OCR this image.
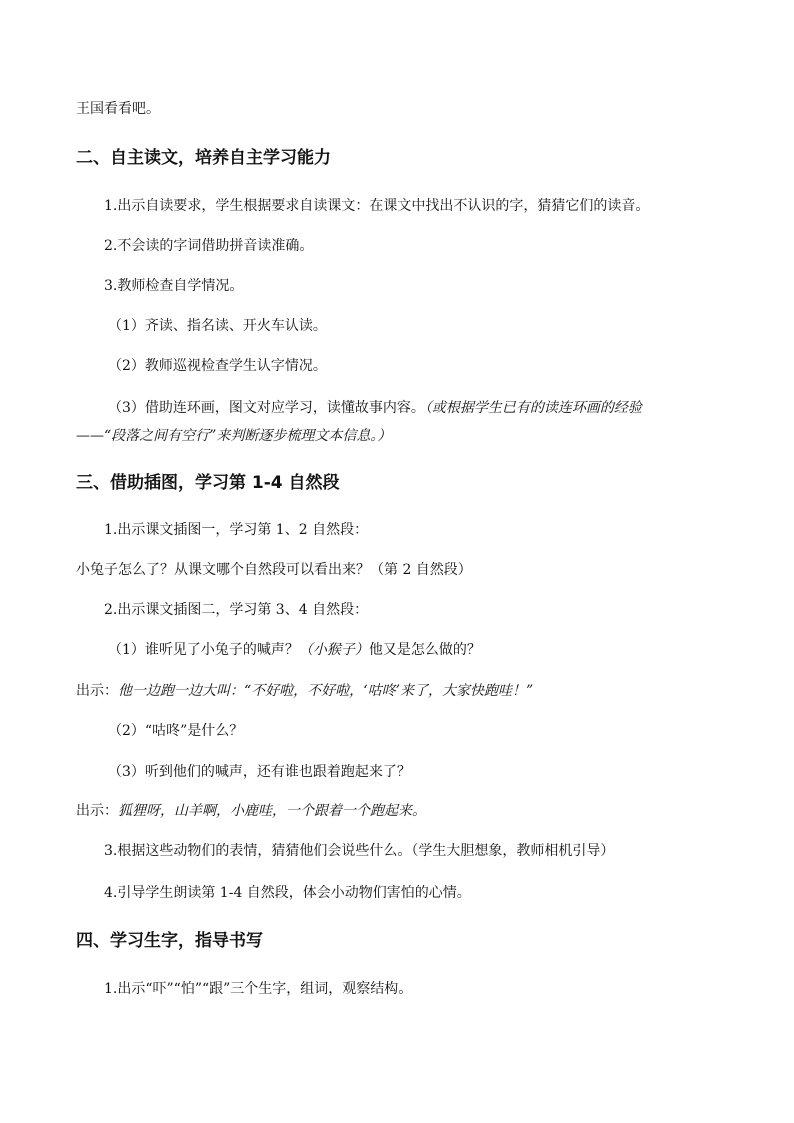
王国看看吧。
二、自主读文，培养自主学习能力
1.出示自读要求，学生根据要求自读课文：在课文中找出不认识的字，猜猜它们的读音。
2.不会读的字词借助拼音读准确。
3.教师检查自学情况。
（1）齐读、指名读、开火车认读。
（2）教师巡视检查学生认字情况。
（3）借助连环画，图文对应学习，读懂故事内容。（或根据学生已有的读连环画的经验
——“段落之间有空行”来判断逐步梳理文本信息。）
三、借助插图，学习第 1-4 自然段
1.出示课文插图一，学习第 1、2 自然段：
小兔子怎么了？从课文哪个自然段可以看出来？（第 2 自然段）
2.出示课文插图二，学习第 3、4 自然段：
（1）谁听见了小兔子的喊声？（小猴子）他又是怎么做的？
出示：他一边跑一边大叫：“不好啦，不好啦，‘咕咚’来了，大家快跑哇！”
（2）“咕咚”是什么？
（3）听到他们的喊声，还有谁也跟着跑起来了？
出示：狐狸呀，山羊啊，小鹿哇，一个跟着一个跑起来。
3.根据这些动物们的表情，猜猜他们会说些什么。（学生大胆想象，教师相机引导）
4.引导学生朗读第 1-4 自然段，体会小动物们害怕的心情。
四、学习生字，指导书写
1.出示“吓”“怕”“跟”三个生字，组词，观察结构。
